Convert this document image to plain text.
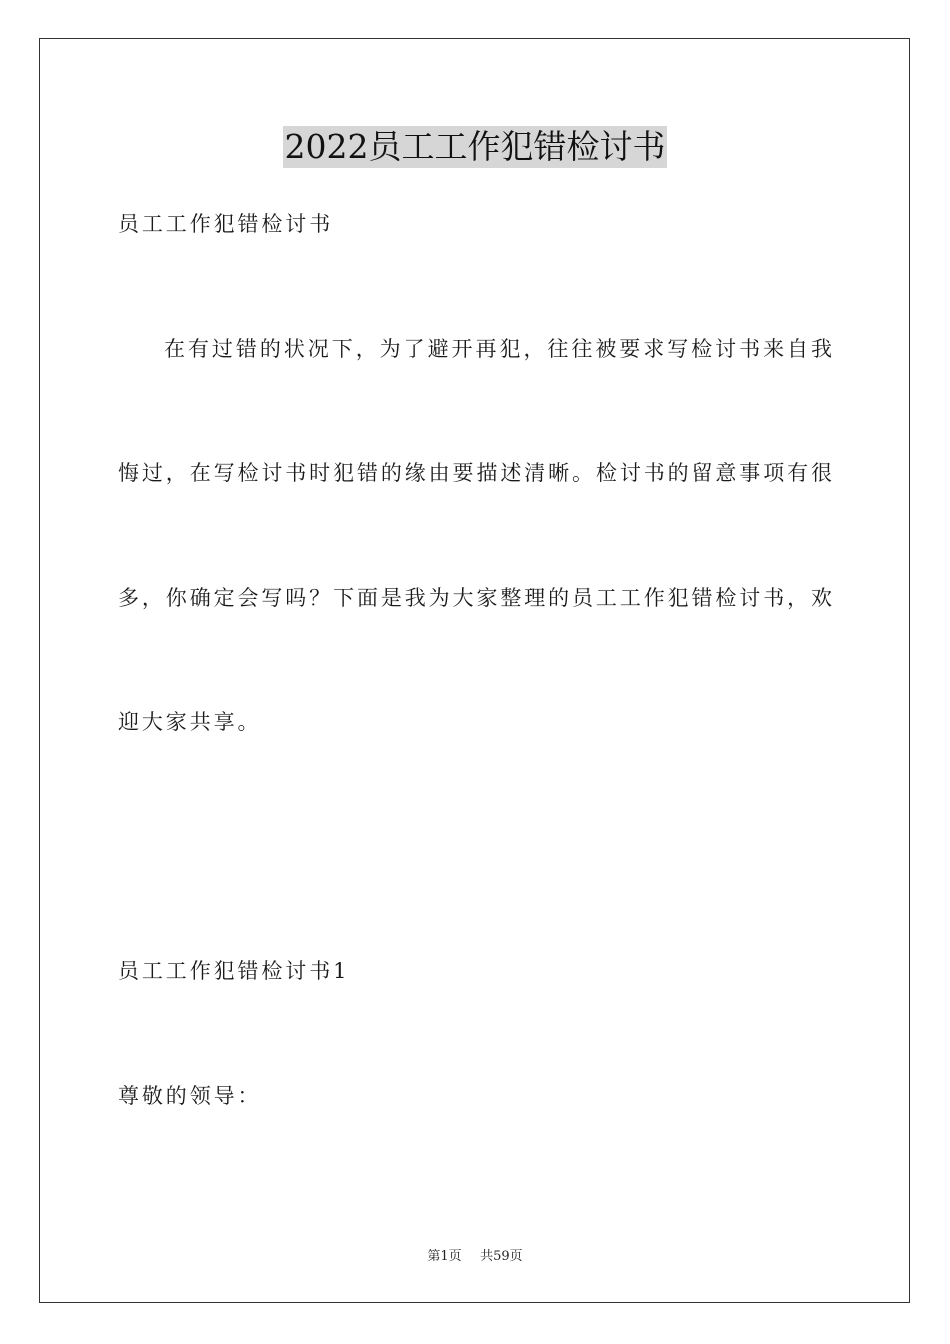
2022员工工作犯错检讨书
员工工作犯错检讨书
在有过错的状况下，为了避开再犯，往往被要求写检讨书来自我
悔过，在写检讨书时犯错的缘由要描述清晰。检讨书的留意事项有很
多，你确定会写吗？下面是我为大家整理的员工工作犯错检讨书，欢
迎大家共享。
员工工作犯错检讨书1
尊敬的领导：
第1页 共59页
